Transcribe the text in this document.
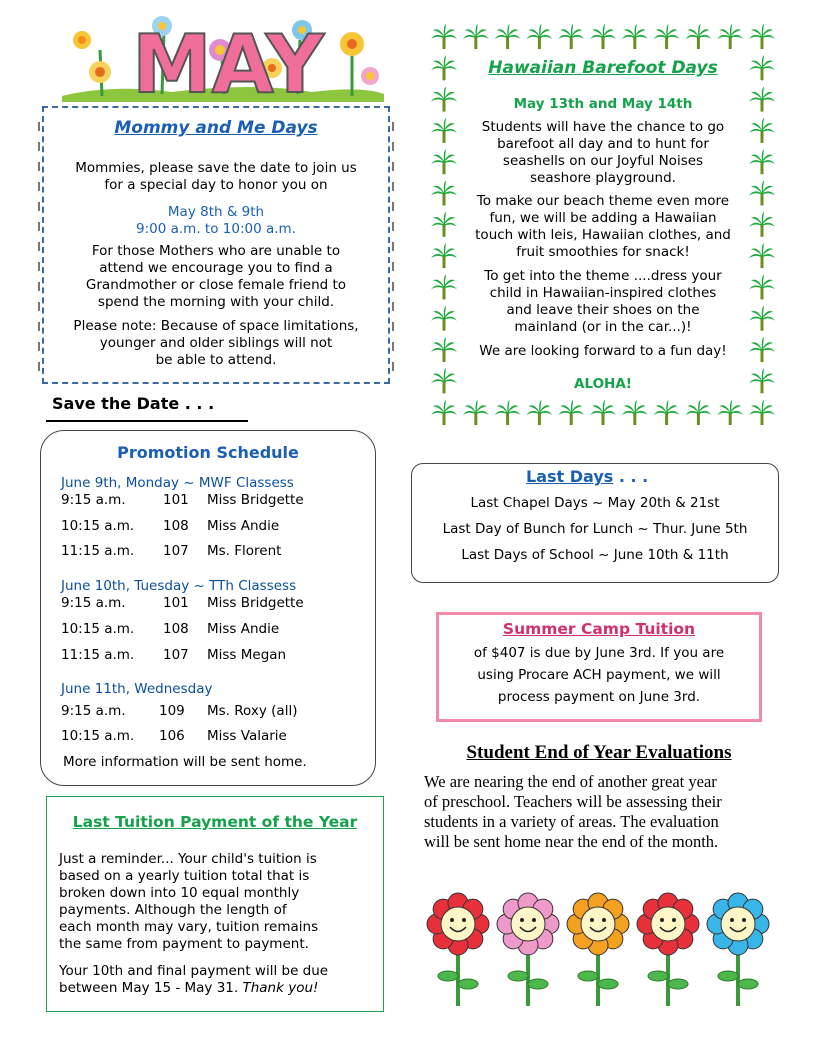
MAY
Mommy and Me Days
Mommies, please save the date to join us
for a special day to honor you on
May 8th & 9th
9:00 a.m. to 10:00 a.m.
For those Mothers who are unable to
attend we encourage you to find a
Grandmother or close female friend to
spend the morning with your child.
Please note: Because of space limitations,
younger and older siblings will not
be able to attend.
Save the Date . . .
Promotion Schedule
June 9th, Monday ~ MWF Classess
9:15 a.m.	101 Miss Bridgette
10:15 a.m. 108 Miss Andie
11:15 a.m. 107 Ms. Florent
June 10th, Tuesday ~ TTh Classess
9:15 a.m.	101 Miss Bridgette
10:15 a.m. 108 Miss Andie
11:15 a.m. 107 Miss Megan
June 11th, Wednesday
9:15 a.m. 109 Ms. Roxy (all)
10:15 a.m. 106 Miss Valarie
More information will be sent home.
Last Tuition Payment of the Year
Just a reminder... Your child's tuition is
based on a yearly tuition total that is
broken down into 10 equal monthly
payments. Although the length of
each month may vary, tuition remains
the same from payment to payment.
Your 10th and final payment will be due
between May 15 - May 31. Thank you!
Hawaiian Barefoot Days
May 13th and May 14th
Students will have the chance to go
barefoot all day and to hunt for
seashells on our Joyful Noises
seashore playground.
To make our beach theme even more
fun, we will be adding a Hawaiian
touch with leis, Hawaiian clothes, and
fruit smoothies for snack!
To get into the theme ....dress your
child in Hawaiian-inspired clothes
and leave their shoes on the
mainland (or in the car...)!
We are looking forward to a fun day!
ALOHA!
Last Days . . .
Last Chapel Days ~ May 20th & 21st
Last Day of Bunch for Lunch ~ Thur. June 5th
Last Days of School ~ June 10th & 11th
Summer Camp Tuition
of $407 is due by June 3rd. If you are
using Procare ACH payment, we will
process payment on June 3rd.
Student End of Year Evaluations
We are nearing the end of another great year
of preschool. Teachers will be assessing their
students in a variety of areas. The evaluation
will be sent home near the end of the month.
